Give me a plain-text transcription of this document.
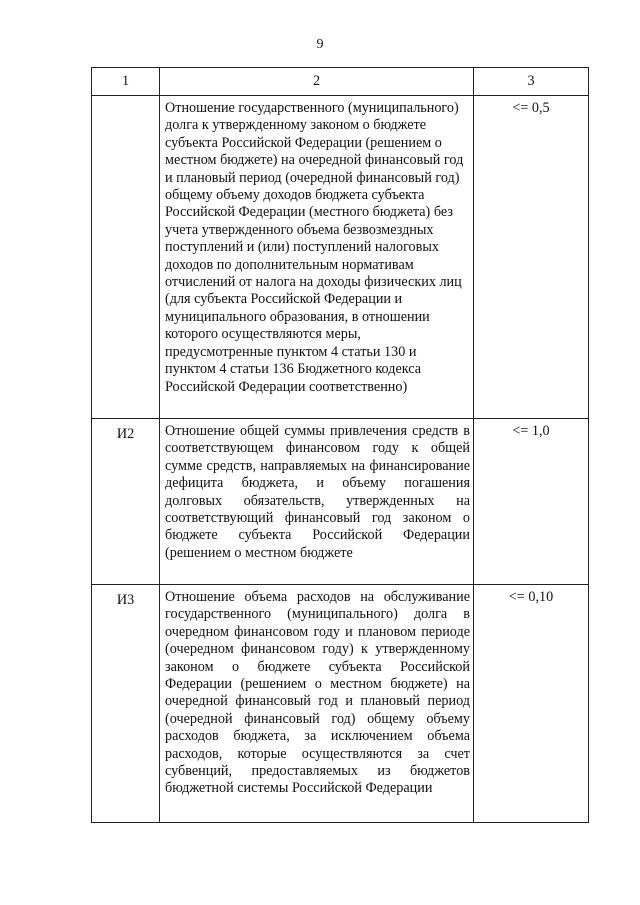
9
1	2	3
	Отношение государственного (муниципального) долга к утвержденному законом о бюджете субъекта Российской Федерации (решением о местном бюджете) на очередной финансовый год и плановый период (очередной финансовый год) общему объему доходов бюджета субъекта Российской Федерации (местного бюджета) без учета утвержденного объема безвозмездных поступлений и (или) поступлений налоговых доходов по дополнительным нормативам отчислений от налога на доходы физических лиц (для субъекта Российской Федерации и муниципального образования, в отношении которого осуществляются меры, предусмотренные пунктом 4 статьи 130 и пунктом 4 статьи 136 Бюджетного кодекса Российской Федерации соответственно)	<= 0,5
И2	Отношение общей суммы привлечения средств в соответствующем финансовом году к общей сумме средств, направляемых на финансирование дефицита бюджета, и объему погашения долговых обязательств, утвержденных на соответствующий финансовый год законом о бюджете субъекта Российской Федерации (решением о местном бюджете	<= 1,0
И3	Отношение объема расходов на обслуживание государственного (муниципального) долга в очередном финансовом году и плановом периоде (очередном финансовом году) к утвержденному законом о бюджете субъекта Российской Федерации (решением о местном бюджете) на очередной финансовый год и плановый период (очередной финансовый год) общему объему расходов бюджета, за исключением объема расходов, которые осуществляются за счет субвенций, предоставляемых из бюджетов бюджетной системы Российской Федерации	<= 0,10
